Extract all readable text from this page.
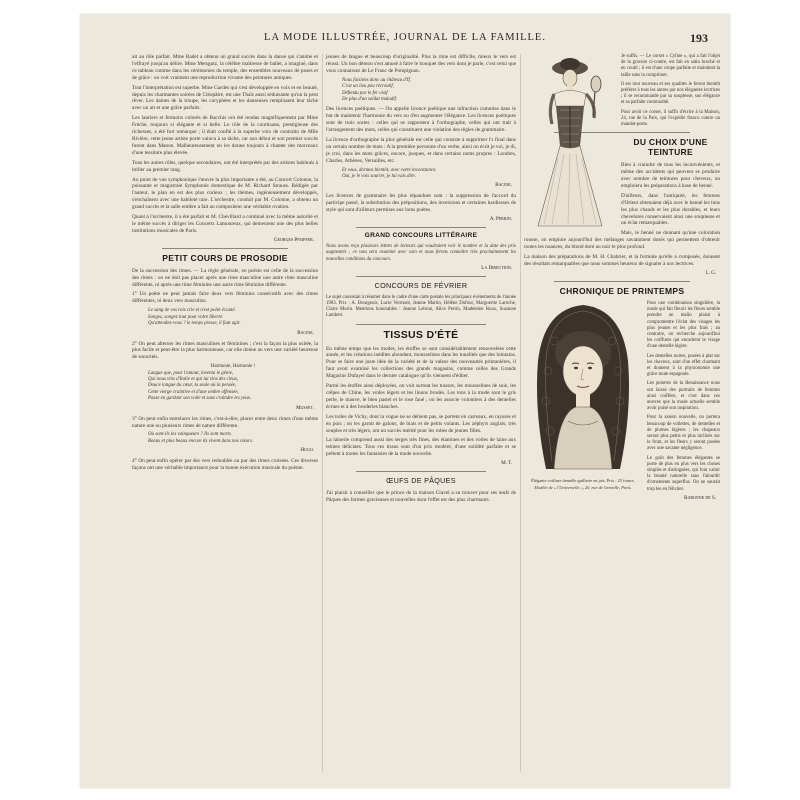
LA MODE ILLUSTRÉE, JOURNAL DE LA FAMILLE.	193

ait au rôle parfait. Mme Badet a obtenu un grand succès dans la danse qui s'anime et l'effrayé jusqu'au délire. Mme Metsgutz, la célèbre maîtresse de ballet, a imaginé, dans ce tableau comme dans les cérémonies du temple, des ensembles nouveaux de poses et de grâce : on voit vraiment une reproduction vivante des peintures antiques.

Tout l'interprétation est superbe. Mme Gardes qui s'est développée en voix et en beauté, depuis les charmantes soirées de Cléopâtre, est une Thaïs aussi séduisante qu'on la peut rêver. Les dames de la troupe, les coryphées et les danseuses remplissent leur tâche avec un art et une grâce parfaits.

Les lauriers et fermoirs colorés de Bacchis ont été rendus magnifiquement par Mme Fréche, toujours si élégante et si belle. Le rôle de la courtisane, prestigieuse des richesses, a été fort remarqué ; il était confié à la superbe voix de contralto de Mlle Rivière, cette jeune artiste porte vaincu à sa tâche, car son début et son premier succès furent dans Manon. Malheureusement on les donne toujours à chanter des morceaux d'une tessiture plus élevée.

Tous les autres rôles, quelque secondaires, ont été interprétés par des artistes habitués à briller au premier rang.

Au point de vue symphonique l'œuvre la plus importante a été, au Concert Colonne, la puissante et magistrale Symphonie domestique de M. Richard Strauss. Rédigée par l'auteur, le plan en est des plus curieux ; les thèmes, ingénieusement développés, s'enchaînent avec une habileté rare. L'orchestre, conduit par M. Colonne, a obtenu un grand succès et la salle entière a fait au compositeur une véritable ovation.

Quant à l'orchestre, il a été parfait et M. Chevillard a continué avec la même autorité et le même succès à diriger les Concerts Lamoureux, qui demeurent une des plus belles institutions musicales de Paris.

Georges Pfeiffer.
PETIT COURS DE PROSODIE

De la succession des rimes. — La règle générale, en poésie est celle de la succession des rimes : on ne doit pas placer après une rime masculine une autre rime masculine différente, ni après une rime féminine une autre rime féminine différente.

1° Un poète ne peut jamais faire deux vers féminins consécutifs avec des rimes différentes, ni deux vers masculins.

Le sang de vos rois crie et n'est point écouté.
Songez, songez tout pour votre liberté.
Qu'attendez-vous ? le temps presse, il faut agir.
Racine.

2° On peut alterner les rimes masculines et féminines ; c'est la façon la plus usitée, la plus facile et peut-être la plus harmonieuse, car elle donne au vers une variété heureuse de sonorités.

Harmonie, Harmonie !
Langue que, pour l'amour, inventa le génie,
Qui nous vins d'Italie et qui lui vins des cieux,
Douce langue du cœur, la seule où la pensée,
Cette vierge craintive et d'une ombre offensée,
Passe en gardant son voile et sans craindre les yeux.
Musset.

3° On peut enfin entrelacer les rimes, c'est-à-dire, placer entre deux rimes d'une même nature une ou plusieurs rimes de nature différente.

Où sont-ils les vainqueurs ? Ils sont morts.
Beaux et plus beaux encore ils vivent dans nos cœurs.
Hugo.

4° On peut enfin opérer par des vers redoublés ou par des rimes croisées. Ces diverses façons ont une véritable importance pour la bonne exécution musicale du poème.

jeunes de langue et beaucoup d'originalité. Plus la rime est difficile, mieux le vers est réussi. Un bon démon s'est amusé à faire le bouquet des vers dont je parle, c'est celui que vous connaissez de Le Franc de Pompignan.

Nous faisions donc au château d'If,
C'est un lieu peu récréatif,
Défendu par le fer oisif
De plus d'un soldat maladif.

Des licences poétiques. — On appelle licence poétique une infraction commise dans le but de maintenir l'harmonie du vers ou d'en augmenter l'élégance. Les licences poétiques sont de trois sortes : celles qui se rapportent à l'orthographe, celles qui ont trait à l'arrangement des mots, celles qui constituent une violation des règles de grammaire.

La licence d'orthographe la plus générale est celle qui consiste à supprimer l's final dans un certain nombre de mots : A la première personne d'un verbe, ainsi on écrit je voi, je di, je croi, dans les mots grâces, encore, jusques, et dans certains noms propres : Londres, Charles, Athènes, Versailles, etc.

Et vous, dormez bientôt, avec votre inconstance.
Oui, je le vois sourire, je lui vais dire.
Racine.

Les licences de grammaire les plus répandues sont : la suppression de l'accord du participe passé, la substitution des prépositions, des inversions et certaines hardiesses de style qui sont d'ailleurs permises aux bons poètes.

A. Perrin.
GRAND CONCOURS LITTÉRAIRE

Nous avons reçu plusieurs lettres de lecteurs qui voudraient voir le nombre et la date des prix augmentés ; ce vœu sera examiné avec soin et nous ferons connaître très prochainement les nouvelles conditions du concours.

La Direction.
CONCOURS DE FÉVRIER

Le sujet consistait à résumer dans le cadre d'une carte postale les principaux événements de l'année 1903. Prix : A. Bourgeois, Lucie Vermont, Jeanne Martin, Hélène Dufour, Marguerite Laroche, Claire Morin. Mentions honorables : Jeanne Lebrun, Alice Perrin, Madeleine Roux, Suzanne Lambert.

TISSUS D'ÉTÉ

En même temps que les modes, les étoffes se sont considérablement renouvelées cette année, et les créations inédites abondent, mousselines dans les tonalités que des lointains. Pour se faire une juste idée de la variété et de la valeur des nouveautés printanières, il faut avoir examiné les collections des grands magasins, comme celles des Grands Magasins Dufayel dans le dernier catalogue qu'ils viennent d'éditer.

Parmi les étoffes ainsi déployées, on voit surtout les tussors, les mousselines de soie, les crêpes de Chine, les voiles légers et les linons brodés. Les tons à la mode sont le gris perle, le mauve, le bleu pastel et le rose fané ; on les associe volontiers à des dentelles écrues et à des broderies blanches.

Les toiles de Vichy, dont la vogue ne se dément pas, se portent en carreaux, en rayures et en pois ; on les garnit de galons, de biais et de petits volants. Les zéphyrs anglais, très souples et très légers, ont un succès mérité pour les robes de jeunes filles.

La lainerie comprend aussi des serges très fines, des étamines et des voiles de laine aux teintes délicates. Tous ces tissus sont d'un prix modéré, d'une solidité parfaite et se prêtent à toutes les fantaisies de la mode nouvelle.

M. T.
ŒUFS DE PÂQUES

J'ai plaisir à conseiller que le prince de la maison Clavel a su trouver pour ses œufs de Pâques des formes gracieuses et nouvelles dont l'effet est des plus charmants.

Je suffis. — Le corset « Cyline », qui a fait l'objet de la gravure ci-contre, est fait en satin broché et en coutil ; il est d'une coupe parfaite et maintient la taille sans la comprimer.

Il est tout nouveau et ses qualités le feront bientôt préférer à tous les autres par nos élégantes lectrices ; il se recommande par sa souplesse, son élégance et sa parfaite commodité.

Pour avoir ce corset, il suffit d'écrire à la Maison, 24, rue de la Paix, qui l'expédie franco contre un mandat-poste.

DU CHOIX D'UNE TEINTURE

Bien à craindre de tous les inconvénients, et même des accidents qui peuvent se produire avec nombre de teintures pour cheveux, on emploiera les préparations à base de henné.

D'ailleurs, dans l'antiquité, les femmes d'Orient obtenaient déjà avec le henné les tons les plus chauds et les plus durables, et leurs chevelures conservaient ainsi une souplesse et un éclat remarquables.

Mais, le henné ne donnant qu'une coloration rousse, on emploie aujourd'hui des mélanges savamment dosés qui permettent d'obtenir toutes les nuances, du blond doré au noir le plus profond.

La maison des préparations de M. H. Chabrier, et la formule qu'elle a composée, donnent des résultats remarquables que nous sommes heureux de signaler à nos lectrices.

L. G.
CHRONIQUE DE PRINTEMPS
Élégante coiffure dentelle guillerie en jais. Prix : 25 francs.
Modèle de « l'Universelle », 20, rue de Grenelle, Paris.

Pour une combinaison singulière, la mode qui fait fleurir les fleurs semble prendre un malin plaisir à compromettre l'éclat des visages les plus jeunes et les plus frais ; au contraire, on recherche aujourd'hui les coiffures qui encadrent le visage d'une dentelle légère.

Les dentelles noires, posées à plat sur les cheveux, sont d'un effet charmant et donnent à la physionomie une grâce toute espagnole.

Les peintres de la Renaissance nous ont laissé des portraits de femmes ainsi coiffées, et c'est dans ces œuvres que la mode actuelle semble avoir puisé son inspiration.

Pour la saison nouvelle, on portera beaucoup de voilettes, de dentelles et de plumes légères ; les chapeaux seront plus petits et plus inclinés sur le front, et les fleurs y seront posées avec une savante négligence.

Le goût des femmes élégantes se porte de plus en plus vers les choses simples et distinguées, qui font valoir la beauté naturelle sans l'alourdir d'ornements superflus. On ne saurait trop les en féliciter.

Baronne de S.
